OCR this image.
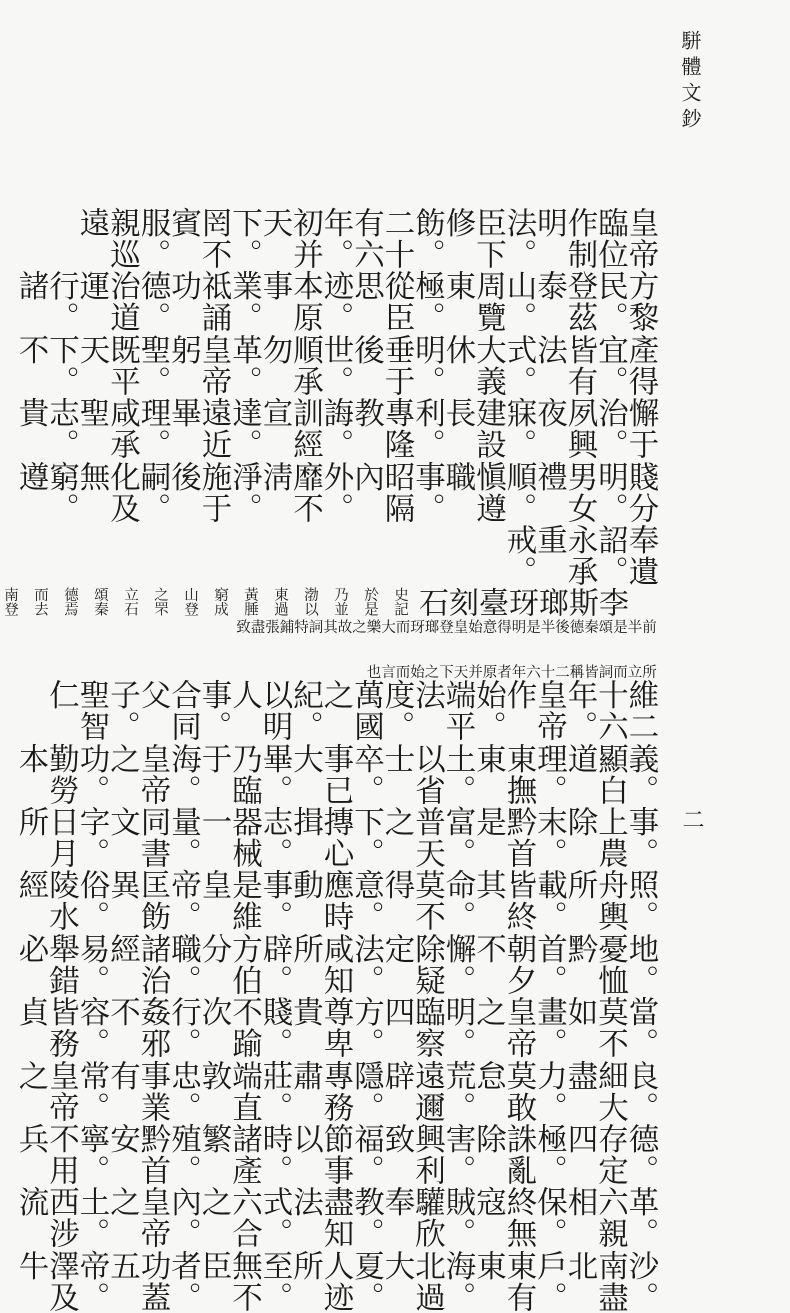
駢體文鈔
二
皇帝臨位作制明法。臣下修飭。二十有六年。初并天下。罔不賓服。親巡遠
方黎民。登茲泰山。周覽東極。從臣思迹。本原事業。祗誦功德。治道運行。諸
產得宜。皆有法式。大義休明。垂于後世。順承勿革。皇帝躬聖。既平天下。不
懈于治。夙興夜寐。建設長利。專隆教誨。訓經宣達。遠近畢理。咸承聖志。貴
賤分明。男女禮順。愼遵職事。昭隔內外。靡不淸淨。施于後嗣。化及無窮。遵
奉遺詔。永承重戒。
李斯瑯玡臺刻石史記於是乃並渤以東過黃腄窮成山登之罘立石頌秦德焉而去南登　
前半是頌秦德後半是明得意始皇登瑯玡而大樂之故其詞特鋪張盡致
所立而詞皆稱二十六年者原并天下之始而言也
維二十六年。皇帝作始。端平法度。萬國之紀。以明人事。合同父子。聖智仁
義。顯白道理。東撫東土。以省士卒。事已大畢。乃臨于海。皇帝之功。勤勞本
事。上農除末。黔首是富。普天之下。摶心揖志。器械一量。同書文字。日月所
照。舟輿所載。皆終其命。莫不得意。應時動事。是維皇帝。匡飭異俗。陵水經
地。憂恤黔首。朝夕不懈。除疑定法。咸知所辟。方伯分職。諸治經易。舉錯必
當。莫不如畫。皇帝之明。臨察四方。尊卑貴賤。不踰次行。姦邪不容。皆務貞
良。細大盡力。莫敢怠荒。遠邇辟隱。專務肅莊。端直敦忠。事業有常。皇帝之
德。存定四極。誅亂除害。興利致福。節事以時。諸產繁殖。黔首安寧。不用兵
革。六親相保。終無寇賊。驩欣奉教。盡知法式。六合之內。皇帝之土。西涉流
沙。南盡北戶。東有東海。北過大夏。人迹所至。無不臣者。功蓋五帝。澤及牛
